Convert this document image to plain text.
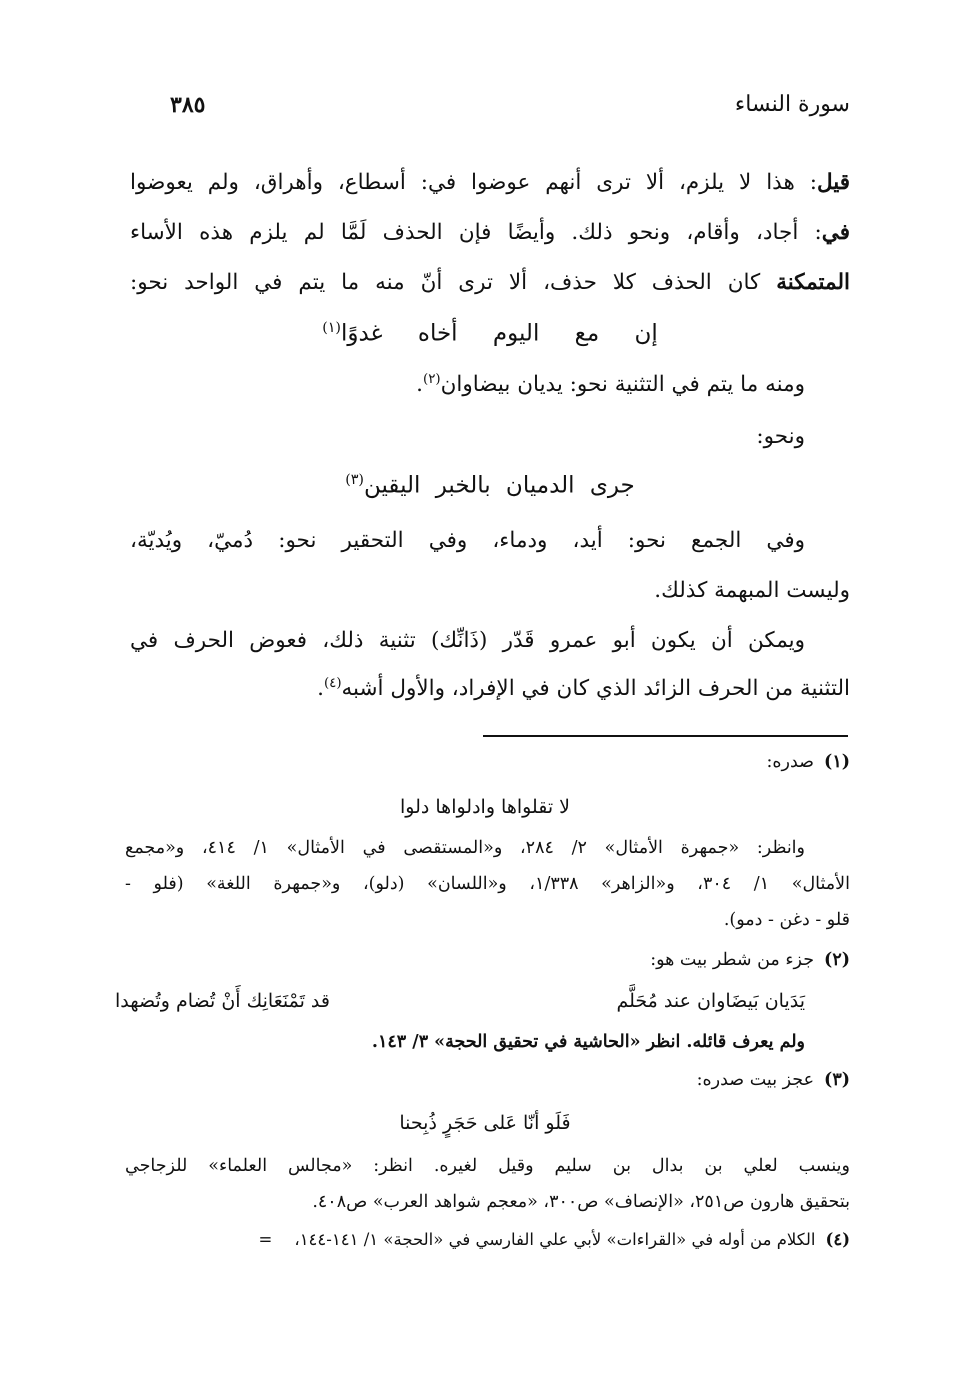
سورة النساء
٣٨٥
قيل: هذا لا يلزم، ألا ترى أنهم عوضوا في: أسطاع، وأهراق، ولم يعوضوا
في: أجاد، وأقام، ونحو ذلك. وأيضًا فإن الحذف لَمَّا لم يلزم هذه الأساء
المتمكنة كان الحذف كلا حذف، ألا ترى أنّ منه ما يتم في الواحد نحو:
إن مع اليوم أخاه غدوًا$^{(١)}$
ومنه ما يتم في التثنية نحو: يديان بيضاوان$^{(٢)}$.
ونحو:
جرى الدميان بالخبر اليقين$^{(٣)}$
وفي الجمع نحو: أيد، ودماء، وفي التحقير نحو: دُميّ، ويُديّة،
وليست المبهمة كذلك.
ويمكن أن يكون أبو عمرو قَدّر (ذَانِّك) تثنية ذلك، فعوض الحرف في
التثنية من الحرف الزائد الذي كان في الإفراد، والأول أشبه$^{(٤)}$.
(١)صدره:
لا تقلواها وادلواها دلوا
وانظر: «جمهرة الأمثال» ٢/ ٢٨٤، و«المستقصى في الأمثال» ١/ ٤١٤، و«مجمع
الأمثال» ١/ ٣٠٤، و«الزاهر» ١/٣٣٨، و«اللسان» (دلو)، و«جمهرة اللغة» (فلو -
قلو - دغن - دمو).
(٢)جزء من شطر بيت هو:
يَدَيان بَيضَاوان عند مُحَلَّم
قد تَمْنَعَانِك أَنْ تُضام وتُضهدا
ولم يعرف قائله. انظر «الحاشية في تحقيق الحجة» ٣/ ١٤٣.
(٣)عجز بيت صدره:
فَلَو أنّا عَلى حَجَرٍ ذُبِحنا
وينسب لعلي بن بدال بن سليم وقيل لغيره. انظر: «مجالس العلماء» للزجاجي
بتحقيق هارون ص٢٥١، «الإنصاف» ص٣٠٠، «معجم شواهد العرب» ص٤٠٨.
(٤)الكلام من أوله في «القراءات» لأبي علي الفارسي في «الحجة» ١/ ١٤١-١٤٤،=
